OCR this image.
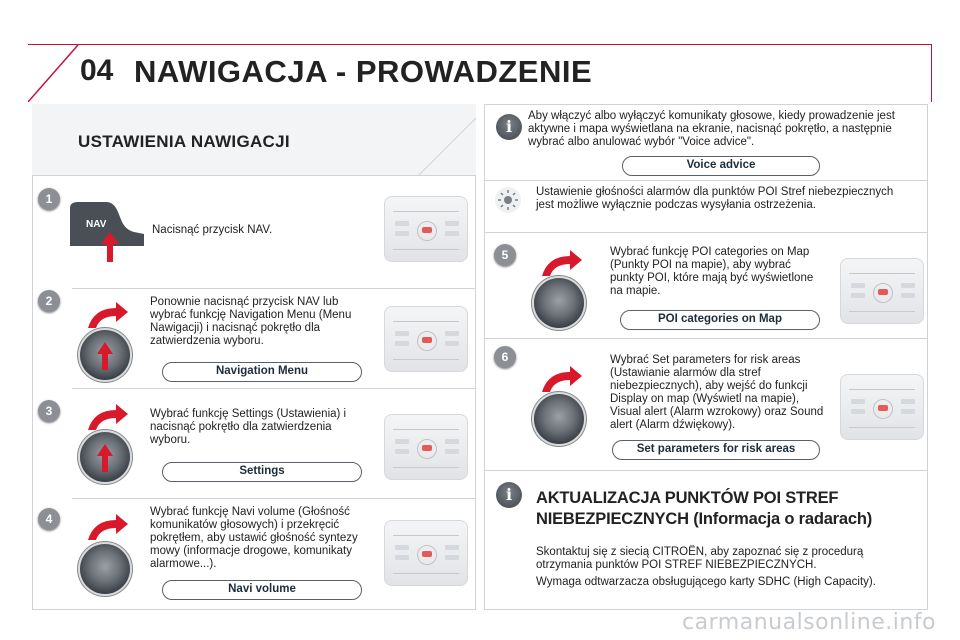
04 NAWIGACJA - PROWADZENIE
USTAWIENIA NAWIGACJI
1
NAV	Nacisnąć przycisk NAV.
2	Ponownie nacisnąć przycisk NAV lub wybrać funkcję Navigation Menu (Menu Nawigacji) i nacisnąć pokrętło dla zatwierdzenia wyboru.
Navigation Menu
3	Wybrać funkcję Settings (Ustawienia) i nacisnąć pokrętło dla zatwierdzenia wyboru.
Settings
4	Wybrać funkcję Navi volume (Głośność komunikatów głosowych) i przekręcić pokrętłem, aby ustawić głośność syntezy mowy (informacje drogowe, komunikaty alarmowe...).
Navi volume
i
Aby włączyć albo wyłączyć komunikaty głosowe, kiedy prowadzenie jest aktywne i mapa wyświetlana na ekranie, nacisnąć pokrętło, a następnie wybrać albo anulować wybór "Voice advice".
Voice advice
Ustawienie głośności alarmów dla punktów POI Stref niebezpiecznych jest możliwe wyłącznie podczas wysyłania ostrzeżenia.
5	Wybrać funkcję POI categories on Map (Punkty POI na mapie), aby wybrać punkty POI, które mają być wyświetlone na mapie.
POI categories on Map
6	Wybrać Set parameters for risk areas (Ustawianie alarmów dla stref niebezpiecznych), aby wejść do funkcji Display on map (Wyświetl na mapie), Visual alert (Alarm wzrokowy) oraz Sound alert (Alarm dźwiękowy).
Set parameters for risk areas
i	AKTUALIZACJA PUNKTÓW POI STREF NIEBEZPIECZNYCH (Informacja o radarach)
Skontaktuj się z siecią CITROËN, aby zapoznać się z procedurą otrzymania punktów POI STREF NIEBEZPIECZNYCH.
Wymaga odtwarzacza obsługującego karty SDHC (High Capacity).
carmanualsonline.info
